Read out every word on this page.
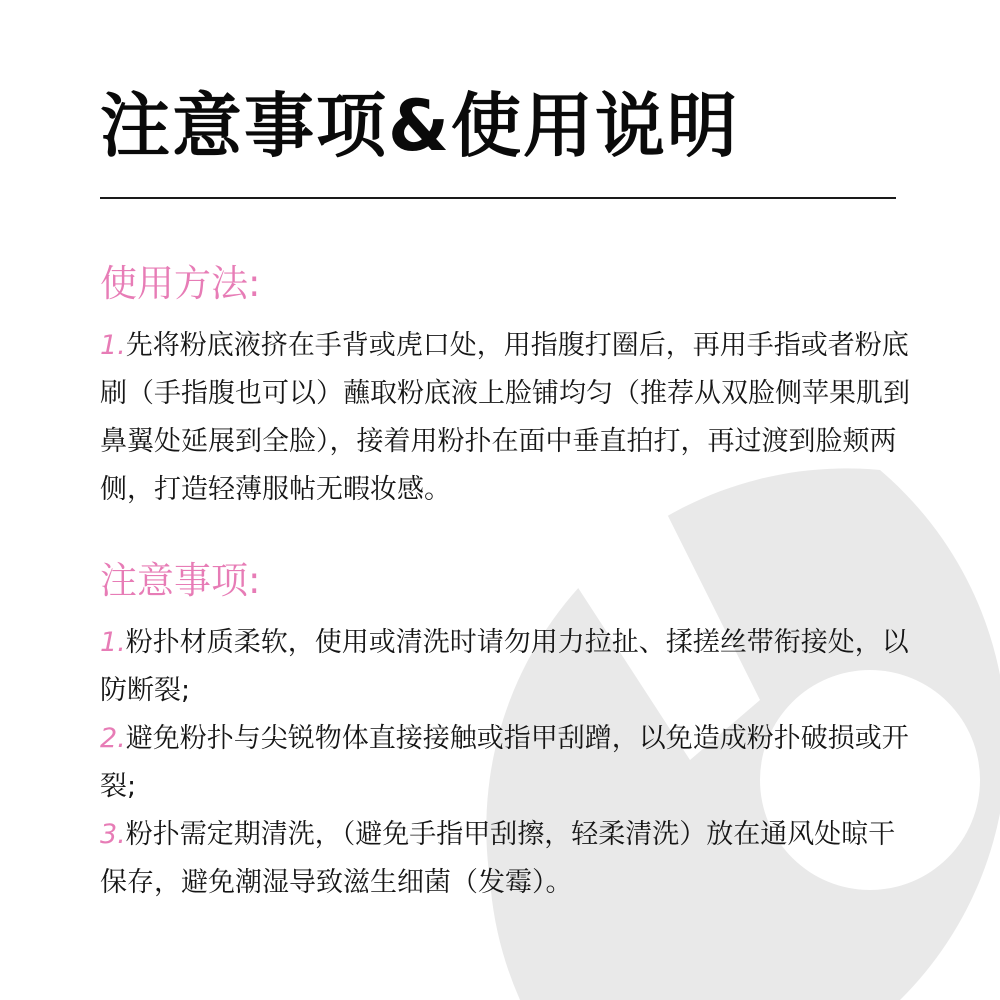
注意事项&使用说明
使用方法:

1.先将粉底液挤在手背或虎口处，用指腹打圈后，再用手指或者粉底刷（手指腹也可以）蘸取粉底液上脸铺均匀（推荐从双脸侧苹果肌到鼻翼处延展到全脸），接着用粉扑在面中垂直拍打，再过渡到脸颊两侧，打造轻薄服帖无暇妆感。

注意事项:

1.粉扑材质柔软，使用或清洗时请勿用力拉扯、揉搓丝带衔接处，以防断裂;

2.避免粉扑与尖锐物体直接接触或指甲刮蹭，以免造成粉扑破损或开裂;

3.粉扑需定期清洗，（避免手指甲刮擦，轻柔清洗）放在通风处晾干保存，避免潮湿导致滋生细菌（发霉）。
